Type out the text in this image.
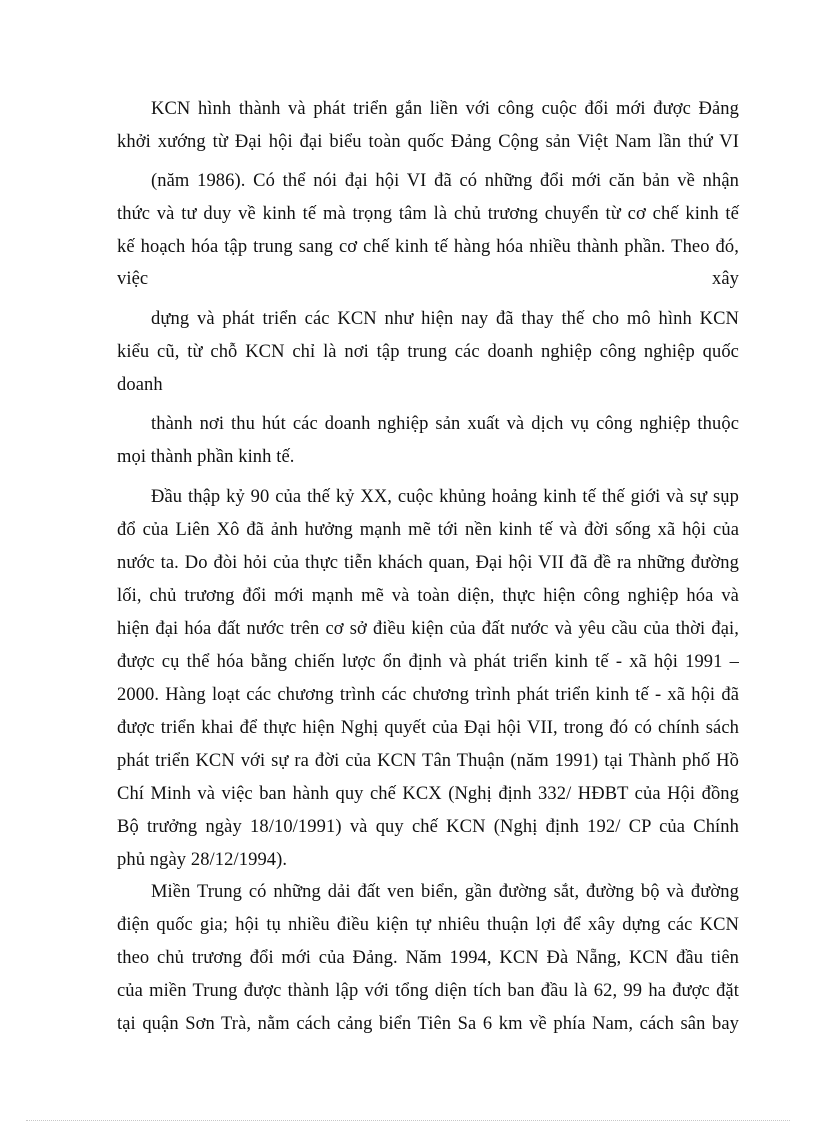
KCN hình thành và phát triển gắn liền với công cuộc đổi mới được Đảng
khởi xướng từ Đại hội đại biểu toàn quốc Đảng Cộng sản Việt Nam lần thứ VI
(năm 1986). Có thể nói đại hội VI đã có những đổi mới căn bản về nhận
thức và tư duy về kinh tế mà trọng tâm là chủ trương chuyển từ cơ chế kinh tế
kế hoạch hóa tập trung sang cơ chế kinh tế hàng hóa nhiều thành phần. Theo đó,
việc	xây
dựng và phát triển các KCN như hiện nay đã thay thế cho mô hình KCN
kiểu cũ, từ chỗ KCN chỉ là nơi tập trung các doanh nghiệp công nghiệp quốc
doanh
thành nơi thu hút các doanh nghiệp sản xuất và dịch vụ công nghiệp thuộc
mọi thành phần kinh tế.
Đầu thập kỷ 90 của thế kỷ XX, cuộc khủng hoảng kinh tế thế giới và sự sụp
đổ của Liên Xô đã ảnh hưởng mạnh mẽ tới nền kinh tế và đời sống xã hội của
nước ta. Do đòi hỏi của thực tiễn khách quan, Đại hội VII đã đề ra những đường
lối, chủ trương đổi mới mạnh mẽ và toàn diện, thực hiện công nghiệp hóa và
hiện đại hóa đất nước trên cơ sở điều kiện của đất nước và yêu cầu của thời đại,
được cụ thể hóa bằng chiến lược ổn định và phát triển kinh tế - xã hội 1991 –
2000. Hàng loạt các chương trình các chương trình phát triển kinh tế - xã hội đã
được triển khai để thực hiện Nghị quyết của Đại hội VII, trong đó có chính sách
phát triển KCN với sự ra đời của KCN Tân Thuận (năm 1991) tại Thành phố Hồ
Chí Minh và việc ban hành quy chế KCX (Nghị định 332/ HĐBT của Hội đồng
Bộ trưởng ngày 18/10/1991) và quy chế KCN (Nghị định 192/ CP của Chính
phủ ngày 28/12/1994).
Miền Trung có những dải đất ven biển, gần đường sắt, đường bộ và đường
điện quốc gia; hội tụ nhiều điều kiện tự nhiêu thuận lợi để xây dựng các KCN
theo chủ trương đổi mới của Đảng. Năm 1994, KCN Đà Nẵng, KCN đầu tiên
của miền Trung được thành lập với tổng diện tích ban đầu là 62, 99 ha được đặt
tại quận Sơn Trà, nằm cách cảng biển Tiên Sa 6 km về phía Nam, cách sân bay
